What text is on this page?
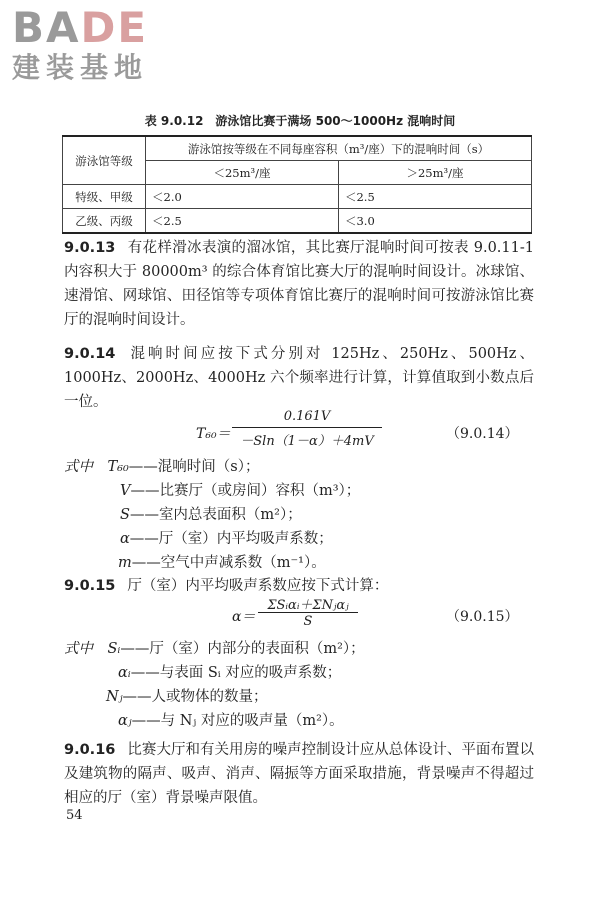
BADE
建装基地
表 9.0.12　游泳馆比赛于满场 500～1000Hz 混响时间
游泳馆等级	游泳馆按等级在不同每座容积（m³/座）下的混响时间（s）	
	＜25m³/座	＞25m³/座
特级、甲级	＜2.0	＜2.5
乙级、丙级	＜2.5	＜3.0
9.0.13 有花样滑冰表演的溜冰馆，其比赛厅混响时间可按表 9.0.11-1 内容积大于 80000m³ 的综合体育馆比赛大厅的混响时间设计。冰球馆、速滑馆、网球馆、田径馆等专项体育馆比赛厅的混响时间可按游泳馆比赛厅的混响时间设计。
9.0.14 混响时间应按下式分别对 125Hz、250Hz、500Hz、1000Hz、2000Hz、4000Hz 六个频率进行计算，计算值取到小数点后一位。
T₆₀＝
0.161V
－Sln（1－α）＋4mV	（9.0.14）
式中　T₆₀——混响时间（s）；
V——比赛厅（或房间）容积（m³）；
S——室内总表面积（m²）；
α——厅（室）内平均吸声系数；
m——空气中声减系数（m⁻¹）。
9.0.15 厅（室）内平均吸声系数应按下式计算：
α＝
ΣSᵢαᵢ＋ΣNⱼαⱼ
S	（9.0.15）
式中　Sᵢ——厅（室）内部分的表面积（m²）；
αᵢ——与表面 Sᵢ 对应的吸声系数；
Nⱼ——人或物体的数量；
αⱼ——与 Nⱼ 对应的吸声量（m²）。
9.0.16 比赛大厅和有关用房的噪声控制设计应从总体设计、平面布置以及建筑物的隔声、吸声、消声、隔振等方面采取措施，背景噪声不得超过相应的厅（室）背景噪声限值。
54
